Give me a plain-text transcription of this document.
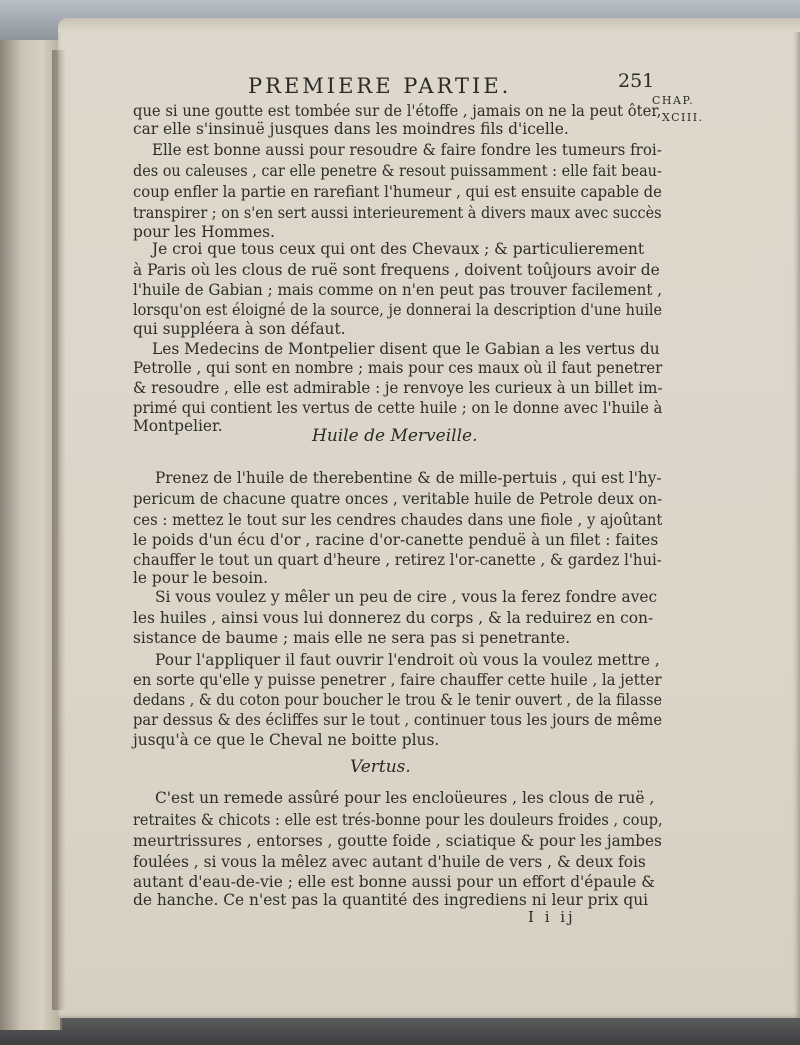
PREMIERE PARTIE.	251
CHAP.
XCIII.
que si une goutte est tombée sur de l'étoffe , jamais on ne la peut ôter,
car elle s'insinuë jusques dans les moindres fils d'icelle.
Elle est bonne aussi pour resoudre & faire fondre les tumeurs froi-
des ou caleuses , car elle penetre & resout puissamment : elle fait beau-
coup enfler la partie en rarefiant l'humeur , qui est ensuite capable de
transpirer ; on s'en sert aussi interieurement à divers maux avec succès
pour les Hommes.
Je croi que tous ceux qui ont des Chevaux ; & particulierement
à Paris où les clous de ruë sont frequens , doivent toûjours avoir de
l'huile de Gabian ; mais comme on n'en peut pas trouver facilement ,
lorsqu'on est éloigné de la source, je donnerai la description d'une huile
qui suppléera à son défaut.
Les Medecins de Montpelier disent que le Gabian a les vertus du
Petrolle , qui sont en nombre ; mais pour ces maux où il faut penetrer
& resoudre , elle est admirable : je renvoye les curieux à un billet im-
primé qui contient les vertus de cette huile ; on le donne avec l'huile à
Montpelier.	Huile de Merveille.
Prenez de l'huile de therebentine & de mille-pertuis , qui est l'hy-
pericum de chacune quatre onces , veritable huile de Petrole deux on-
ces : mettez le tout sur les cendres chaudes dans une fiole , y ajoûtant
le poids d'un écu d'or , racine d'or-canette penduë à un filet : faites
chauffer le tout un quart d'heure , retirez l'or-canette , & gardez l'hui-
le pour le besoin.
Si vous voulez y mêler un peu de cire , vous la ferez fondre avec
les huiles , ainsi vous lui donnerez du corps , & la reduirez en con-
sistance de baume ; mais elle ne sera pas si penetrante.
Pour l'appliquer il faut ouvrir l'endroit où vous la voulez mettre ,
en sorte qu'elle y puisse penetrer , faire chauffer cette huile , la jetter
dedans , & du coton pour boucher le trou & le tenir ouvert , de la filasse
par dessus & des écliffes sur le tout , continuer tous les jours de même
jusqu'à ce que le Cheval ne boitte plus.
Vertus.
C'est un remede assûré pour les encloüeures , les clous de ruë ,
retraites & chicots : elle est trés-bonne pour les douleurs froides , coup,
meurtrissures , entorses , goutte foide , sciatique & pour les jambes
foulées , si vous la mêlez avec autant d'huile de vers , & deux fois
autant d'eau-de-vie ; elle est bonne aussi pour un effort d'épaule &
de hanche. Ce n'est pas la quantité des ingrediens ni leur prix qui
I i ij
